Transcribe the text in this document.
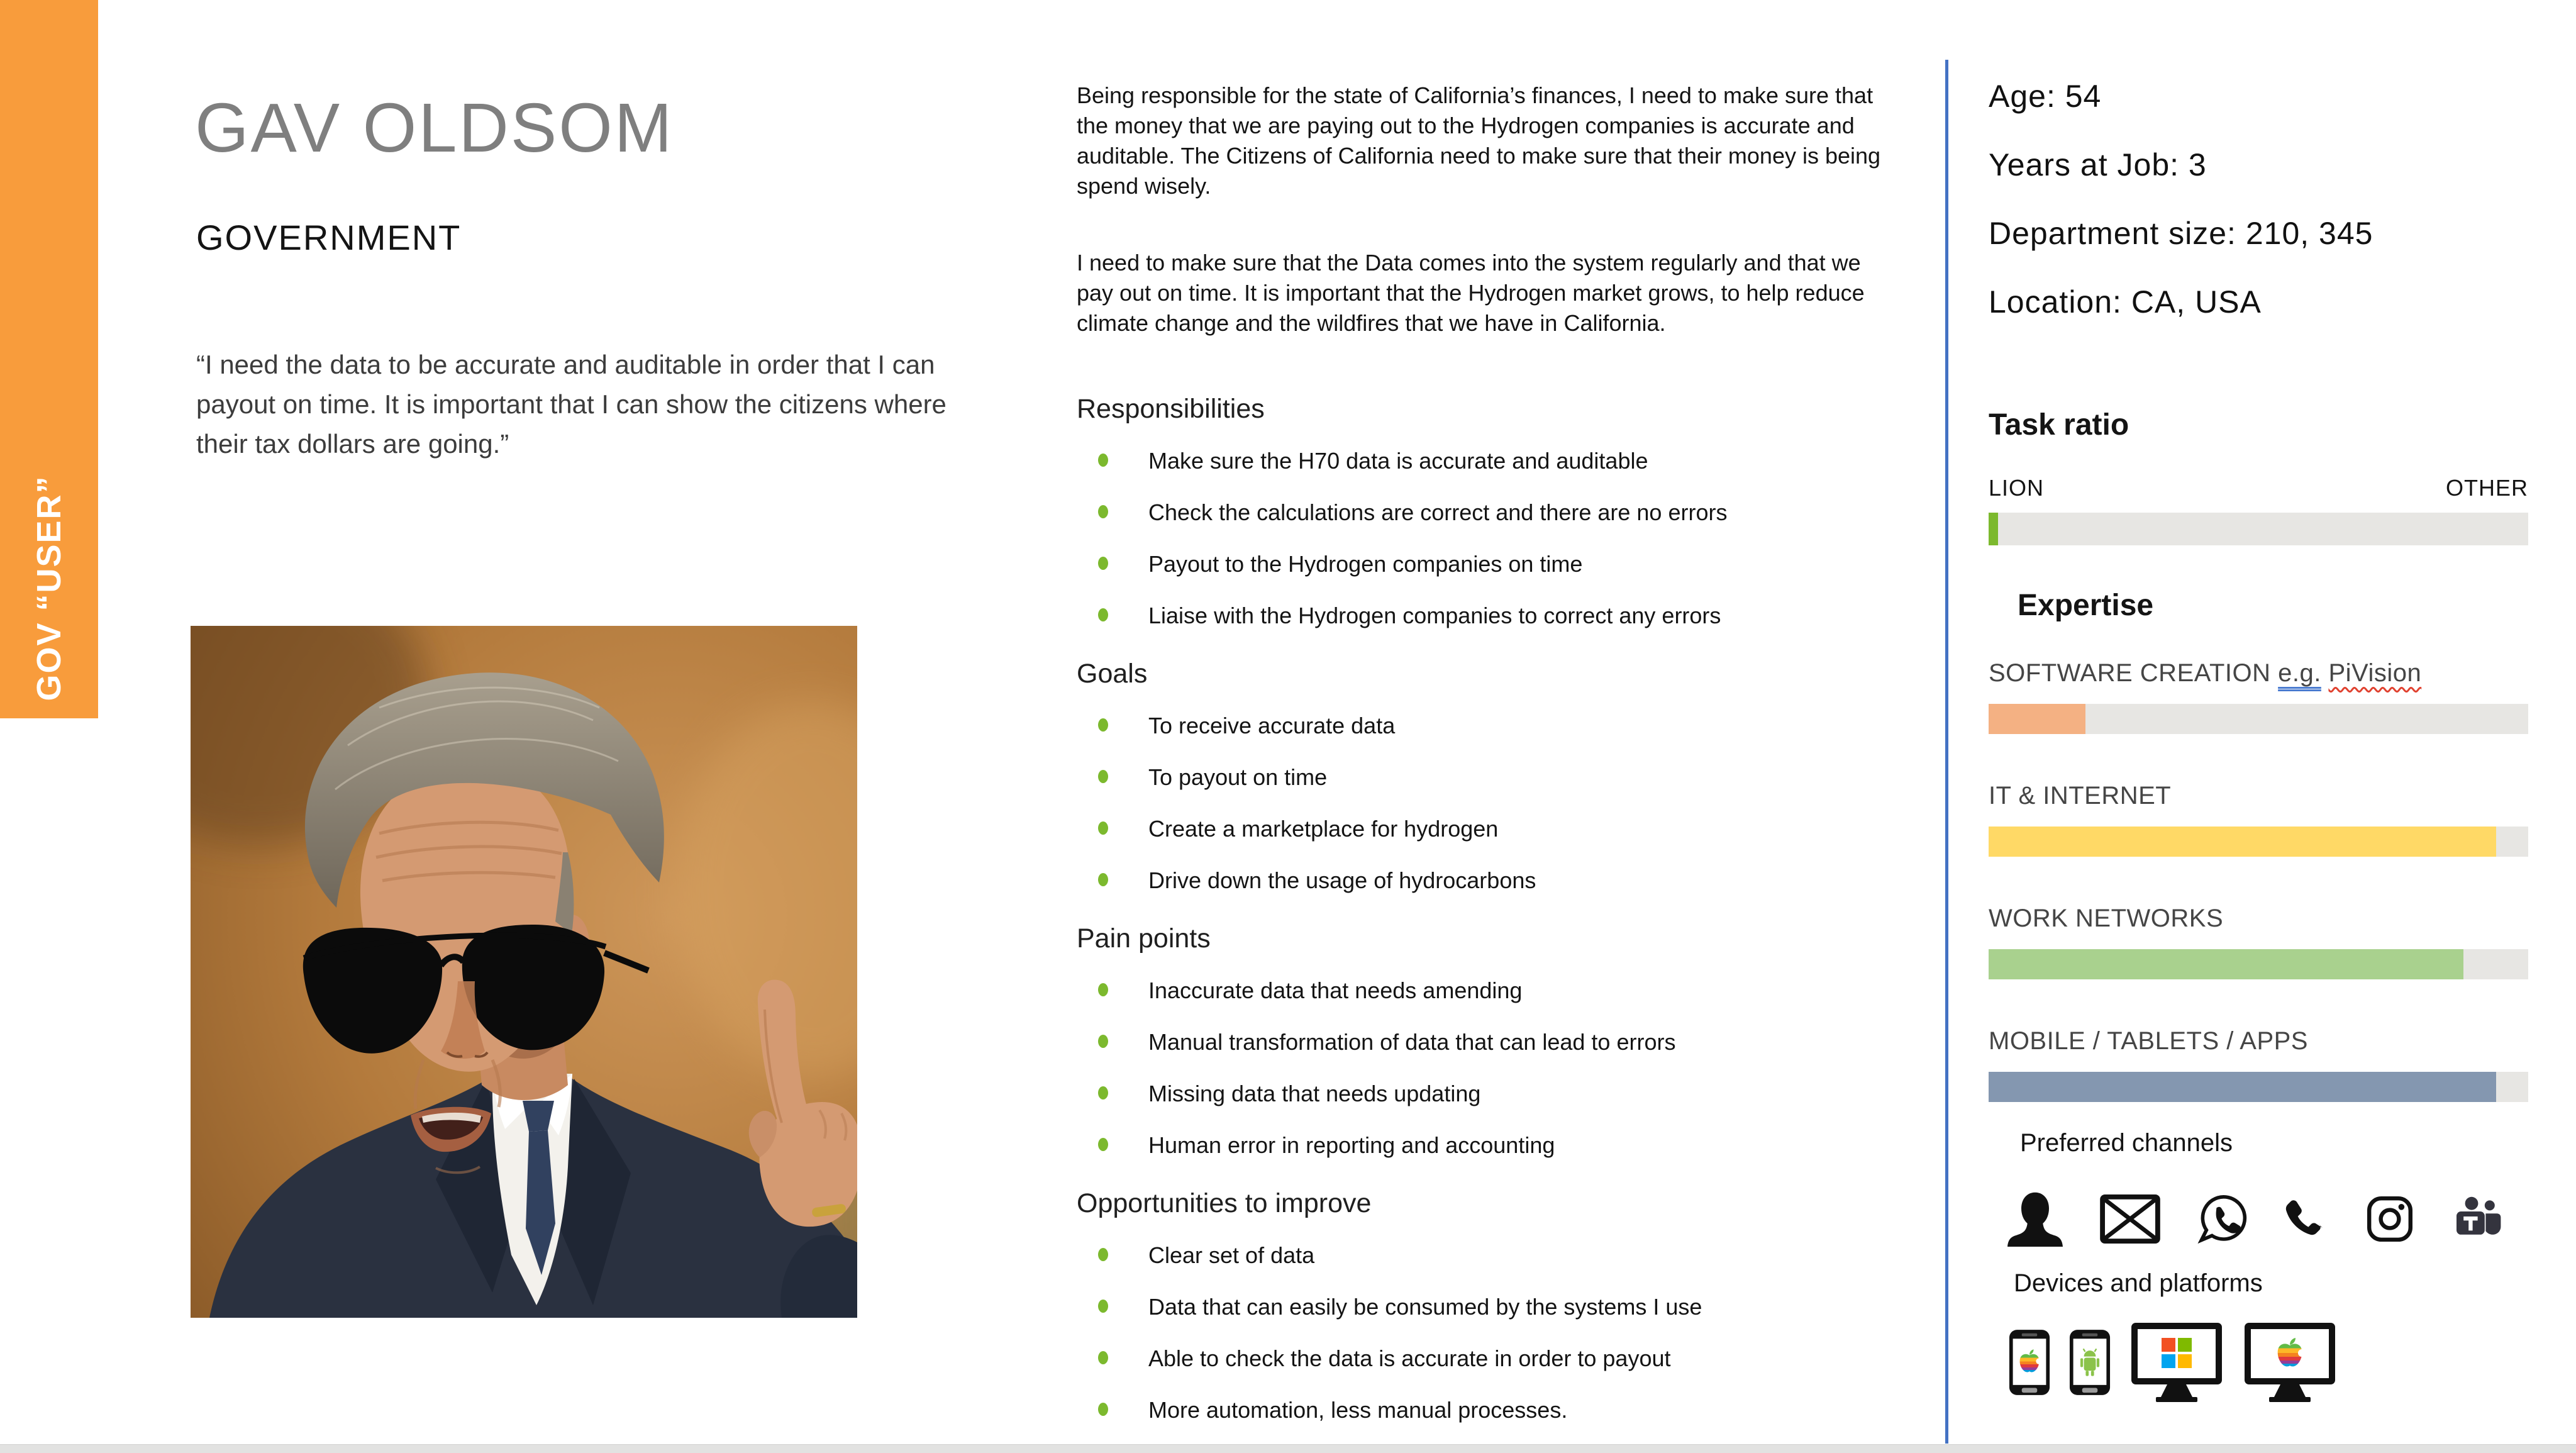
GOV “USER”
GAV OLDSOM
GOVERNMENT
“I need the data to be accurate and auditable in order that I can payout on time. It is important that I can show the citizens where their tax dollars are going.”

Being responsible for the state of California’s finances, I need to make sure that the money that we are paying out to the Hydrogen companies is accurate and auditable. The Citizens of California need to make sure that their money is being spend wisely.

I need to make sure that the Data comes into the system regularly and that we pay out on time. It is important that the Hydrogen market grows, to help reduce climate change and the wildfires that we have in California.

Responsibilities
Make sure the H70 data is accurate and auditable
Check the calculations are correct and there are no errors
Payout to the Hydrogen companies on time
Liaise with the Hydrogen companies to correct any errors
Goals
To receive accurate data
To payout on time
Create a marketplace for hydrogen
Drive down the usage of hydrocarbons
Pain points
Inaccurate data that needs amending
Manual transformation of data that can lead to errors
Missing data that needs updating
Human error in reporting and accounting
Opportunities to improve
Clear set of data
Data that can easily be consumed by the systems I use
Able to check the data is accurate in order to payout
More automation, less manual processes.
Age: 54
Years at Job: 3
Department size: 210, 345
Location: CA, USA
Task ratio
LION	OTHER
Expertise
SOFTWARE CREATION e.g. PiVision
IT & INTERNET
WORK NETWORKS
MOBILE / TABLETS / APPS
Preferred channels
Devices and platforms
